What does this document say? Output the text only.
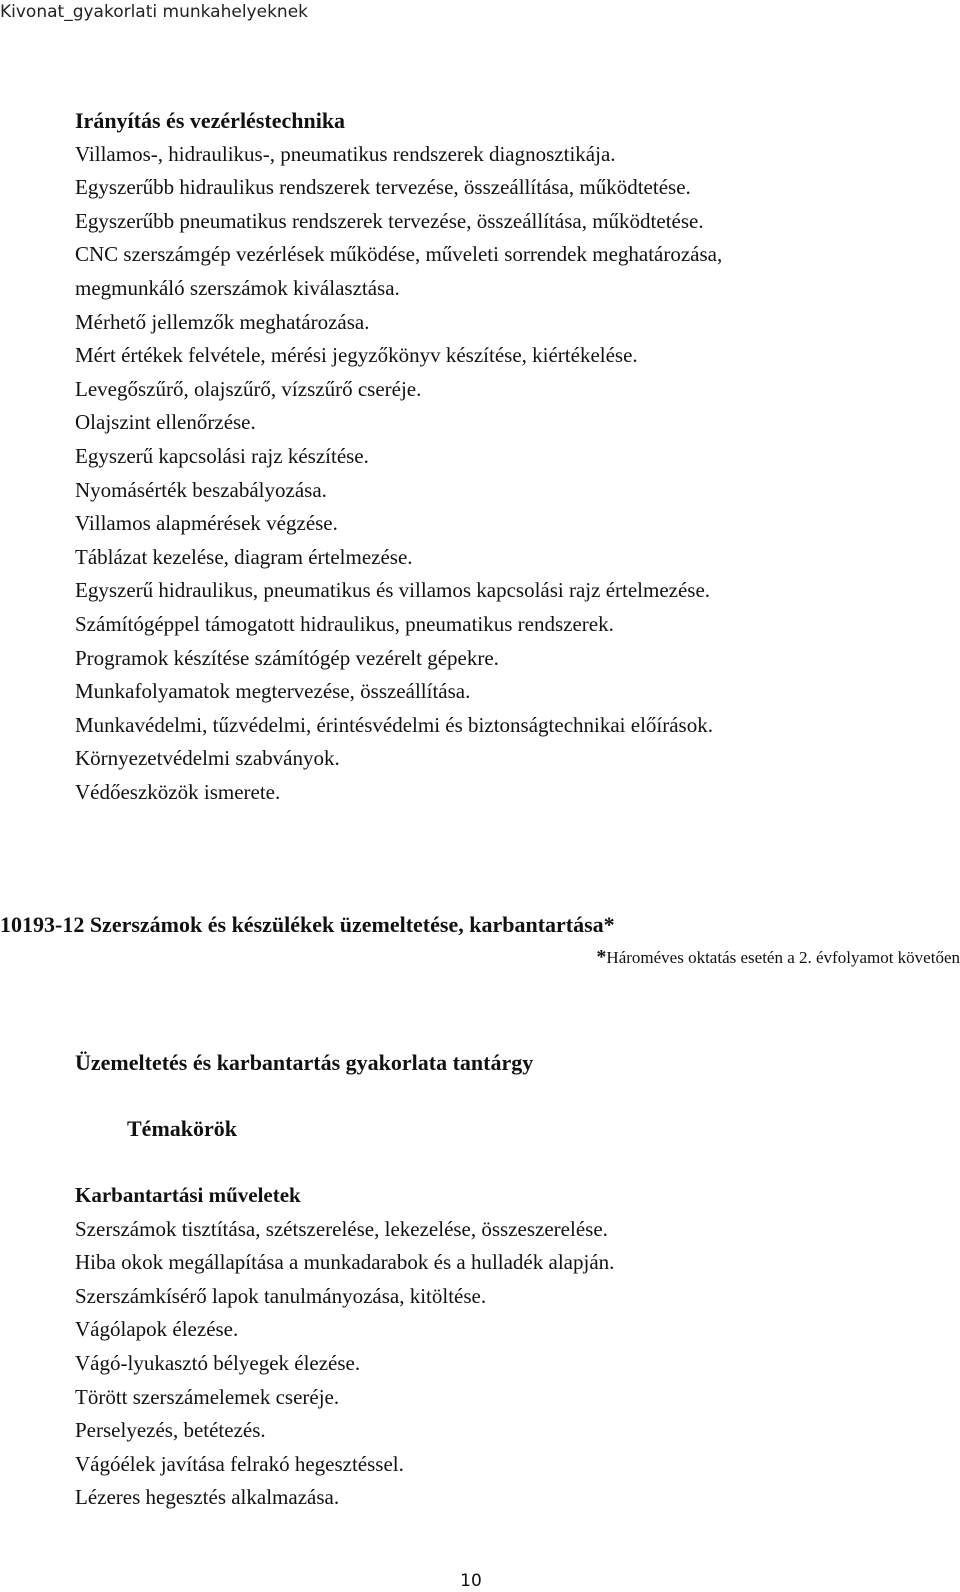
Kivonat_gyakorlati munkahelyeknek
Irányítás és vezérléstechnika
Villamos-, hidraulikus-, pneumatikus rendszerek diagnosztikája.
Egyszerűbb hidraulikus rendszerek tervezése, összeállítása, működtetése.
Egyszerűbb pneumatikus rendszerek tervezése, összeállítása, működtetése.
CNC szerszámgép vezérlések működése, műveleti sorrendek meghatározása,
megmunkáló szerszámok kiválasztása.
Mérhető jellemzők meghatározása.
Mért értékek felvétele, mérési jegyzőkönyv készítése, kiértékelése.
Levegőszűrő, olajszűrő, vízszűrő cseréje.
Olajszint ellenőrzése.
Egyszerű kapcsolási rajz készítése.
Nyomásérték beszabályozása.
Villamos alapmérések végzése.
Táblázat kezelése, diagram értelmezése.
Egyszerű hidraulikus, pneumatikus és villamos kapcsolási rajz értelmezése.
Számítógéppel támogatott hidraulikus, pneumatikus rendszerek.
Programok készítése számítógép vezérelt gépekre.
Munkafolyamatok megtervezése, összeállítása.
Munkavédelmi, tűzvédelmi, érintésvédelmi és biztonságtechnikai előírások.
Környezetvédelmi szabványok.
Védőeszközök ismerete.
10193-12 Szerszámok és készülékek üzemeltetése, karbantartása*
*Hároméves oktatás esetén a 2. évfolyamot követően
Üzemeltetés és karbantartás gyakorlata tantárgy
Témakörök
Karbantartási műveletek
Szerszámok tisztítása, szétszerelése, lekezelése, összeszerelése.
Hiba okok megállapítása a munkadarabok és a hulladék alapján.
Szerszámkísérő lapok tanulmányozása, kitöltése.
Vágólapok élezése.
Vágó-lyukasztó bélyegek élezése.
Törött szerszámelemek cseréje.
Perselyezés, betétezés.
Vágóélek javítása felrakó hegesztéssel.
Lézeres hegesztés alkalmazása.
10
